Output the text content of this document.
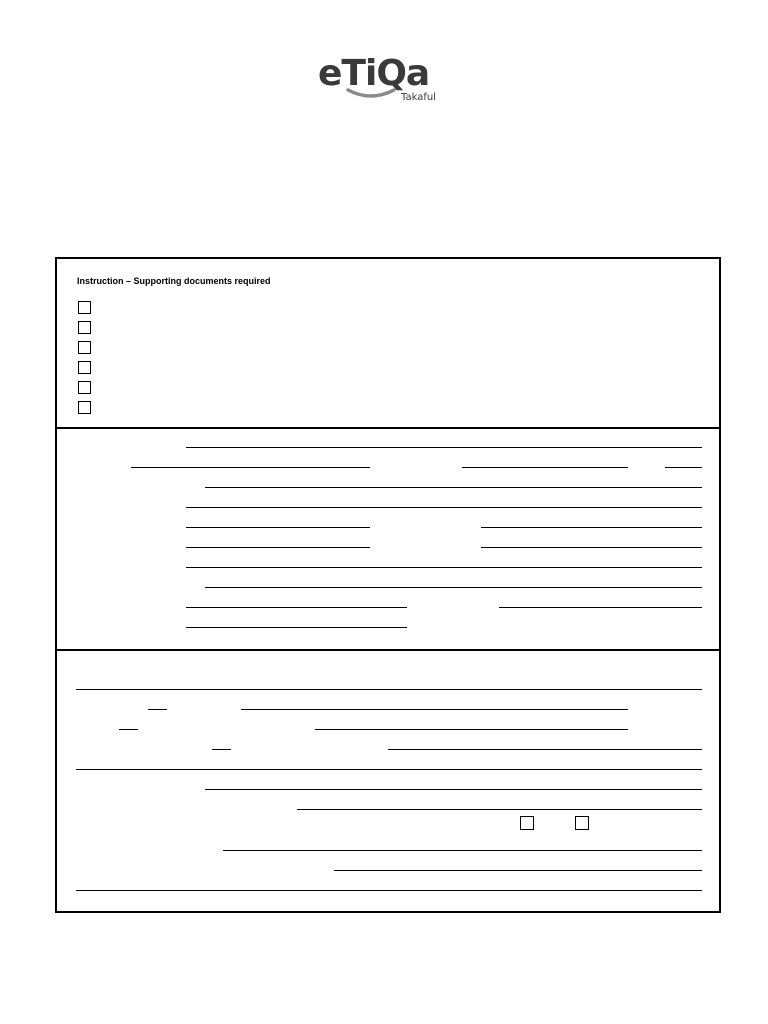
eTiQa
Takaful
Instruction – Supporting documents required
